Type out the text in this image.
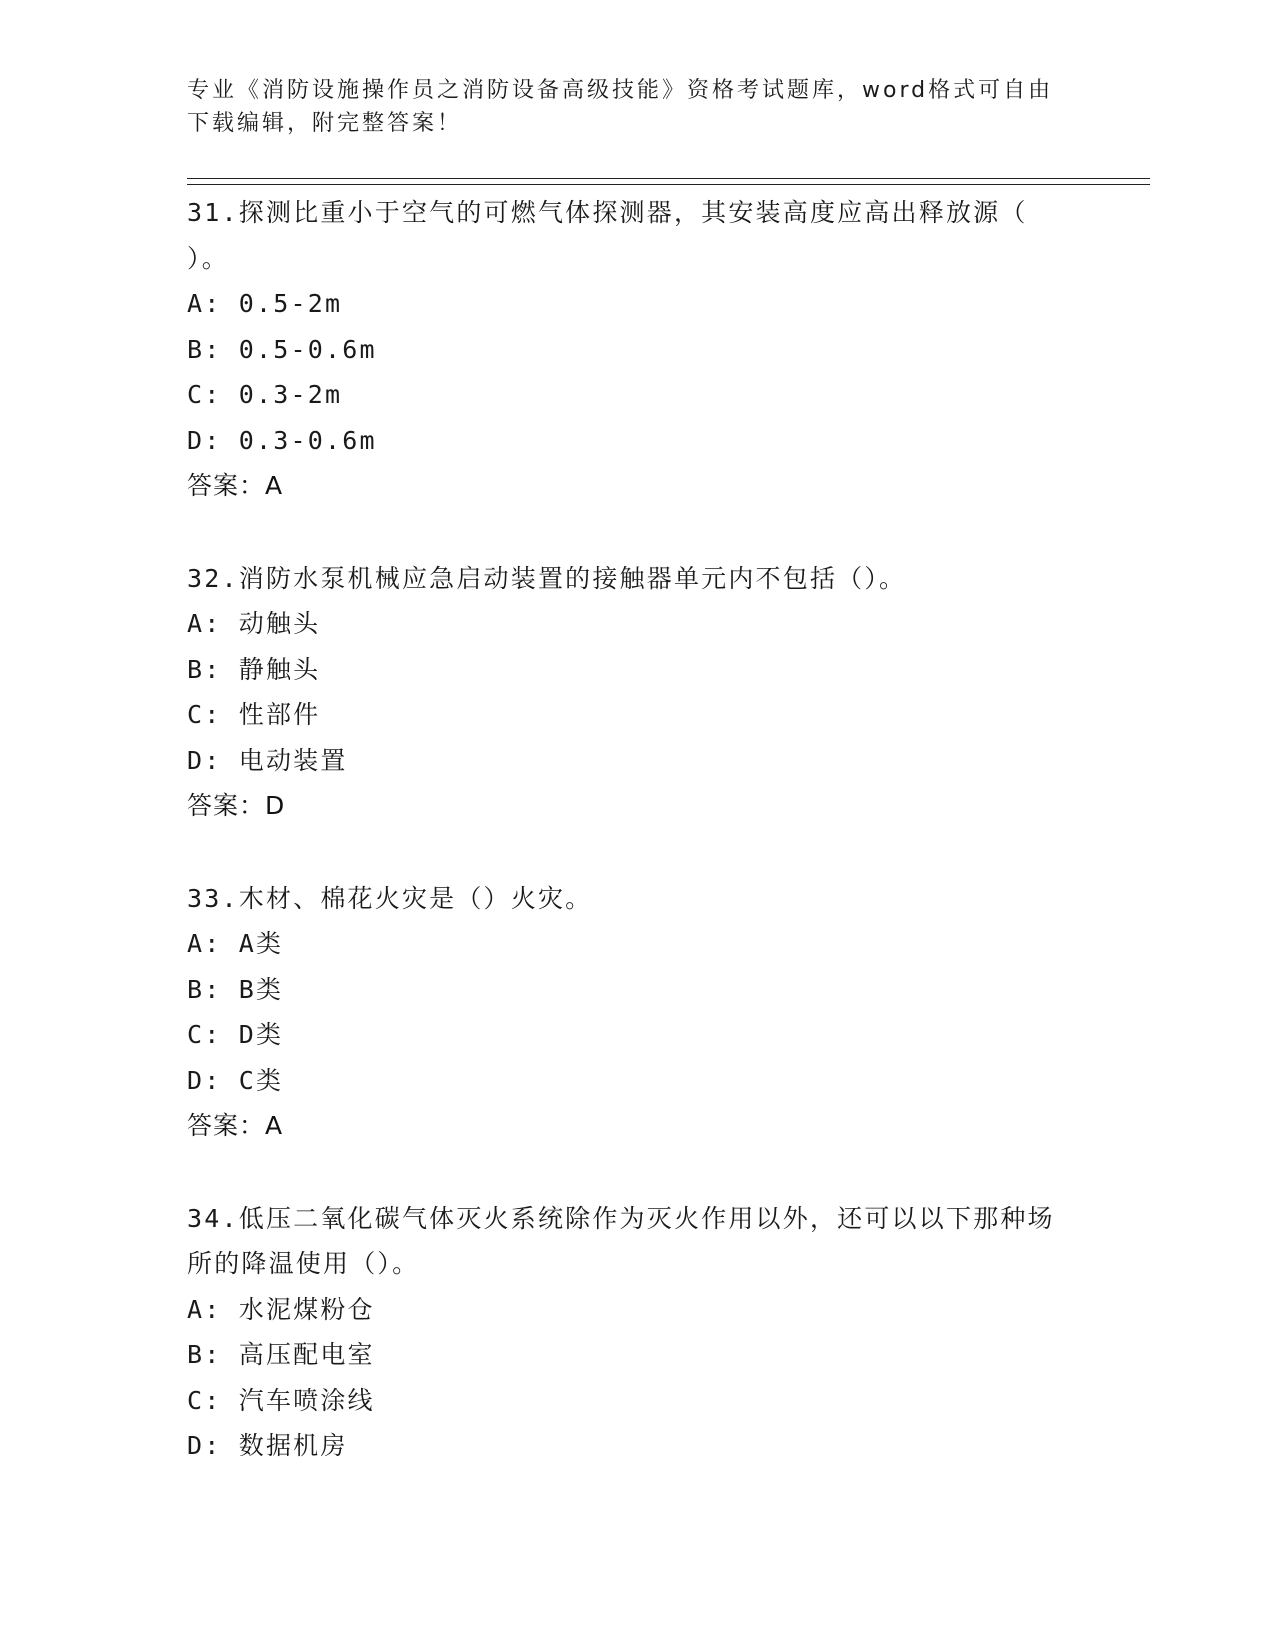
专业《消防设施操作员之消防设备高级技能》资格考试题库，word格式可自由下载编辑，附完整答案！
31.探测比重小于空气的可燃气体探测器，其安装高度应高出释放源（ ）。
A: 0.5-2m
B: 0.5-0.6m
C: 0.3-2m
D: 0.3-0.6m
答案：A
32.消防水泵机械应急启动装置的接触器单元内不包括（）。
A: 动触头
B: 静触头
C: 性部件
D: 电动装置
答案：D
33.木材、棉花火灾是（）火灾。
A: A类
B: B类
C: D类
D: C类
答案：A
34.低压二氧化碳气体灭火系统除作为灭火作用以外，还可以以下那种场所的降温使用（）。
A: 水泥煤粉仓
B: 高压配电室
C: 汽车喷涂线
D: 数据机房
